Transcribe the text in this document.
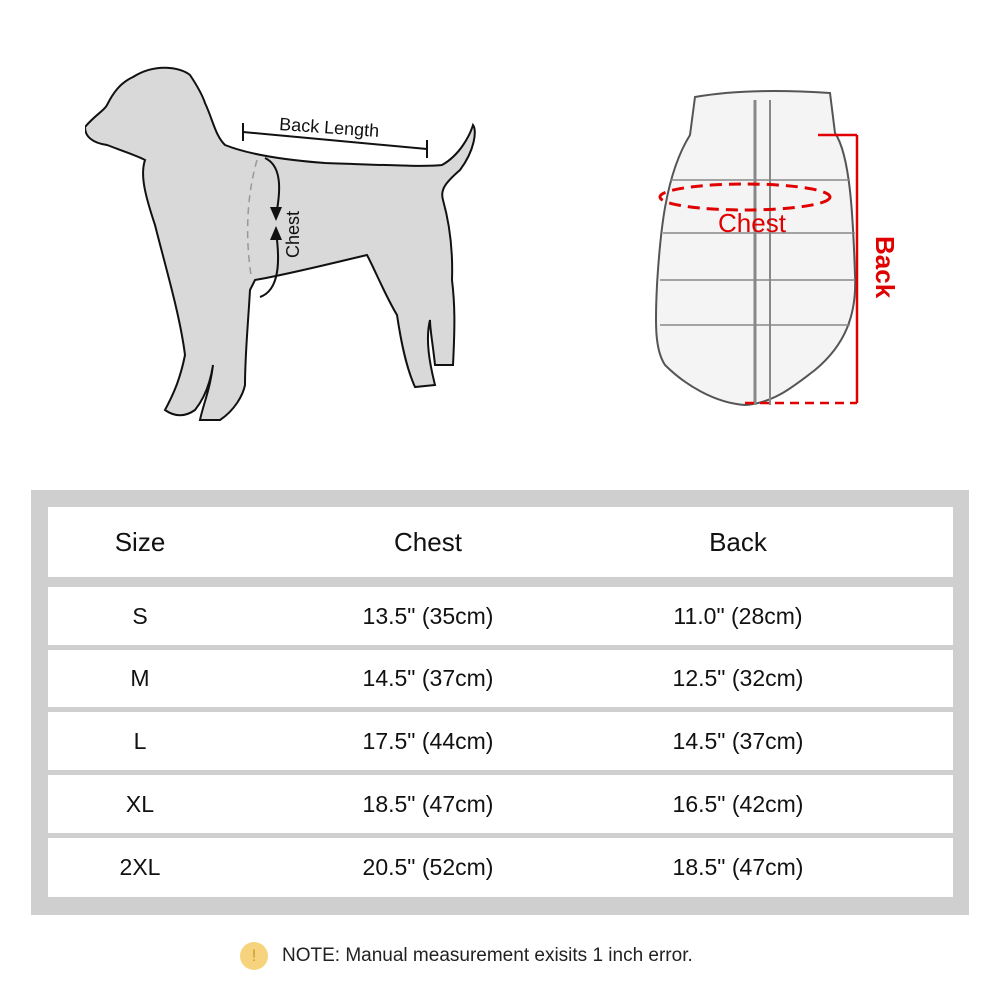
Back Length
Chest	Chest
Back
Size	Chest	Back
S	13.5" (35cm)	11.0" (28cm)
M	14.5" (37cm)	12.5" (32cm)
L	17.5" (44cm)	14.5" (37cm)
XL	18.5" (47cm)	16.5" (42cm)
2XL	20.5" (52cm)	18.5" (47cm)
!	NOTE: Manual measurement exisits 1 inch error.
